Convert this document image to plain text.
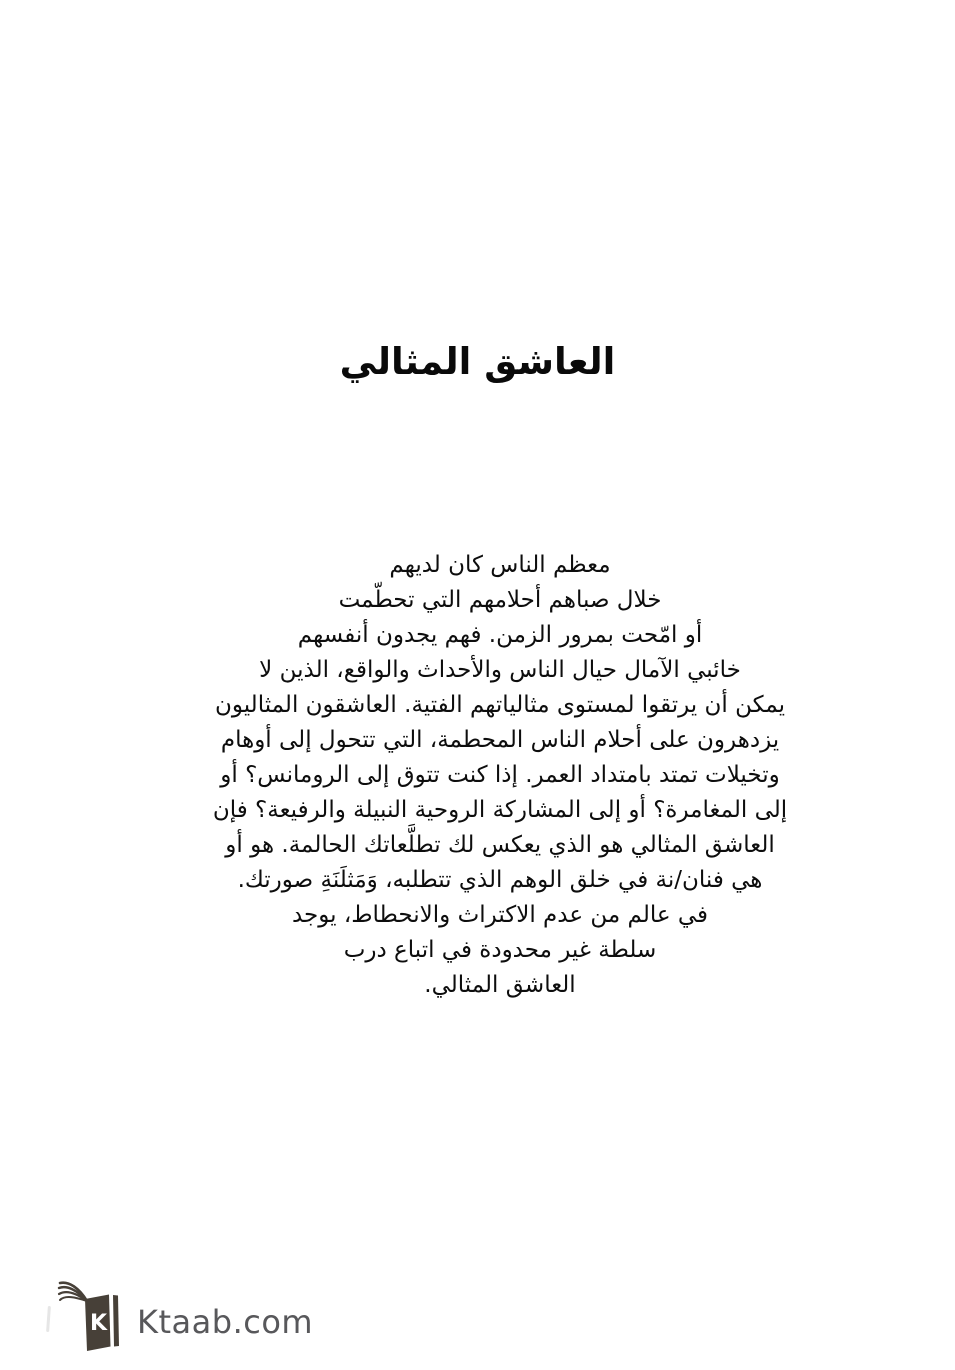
العاشق المثالي
معظم الناس كان لديهم
خلال صباهم أحلامهم التي تحطّمت
أو امّحت بمرور الزمن. فهم يجدون أنفسهم
خائبي الآمال حيال الناس والأحداث والواقع، الذين لا
يمكن أن يرتقوا لمستوى مثالياتهم الفتية. العاشقون المثاليون
يزدهرون على أحلام الناس المحطمة، التي تتحول إلى أوهام
وتخيلات تمتد بامتداد العمر. إذا كنت تتوق إلى الرومانس؟ أو
إلى المغامرة؟ أو إلى المشاركة الروحية النبيلة والرفيعة؟ فإن
العاشق المثالي هو الذي يعكس لك تطلَّعاتك الحالمة. هو أو
هي فنان/نة في خلق الوهم الذي تتطلبه، وَمَثلَنَةِ صورتك.
في عالم من عدم الاكتراث والانحطاط، يوجد
سلطة غير محدودة في اتباع درب
العاشق المثالي.
K Ktaab.com
